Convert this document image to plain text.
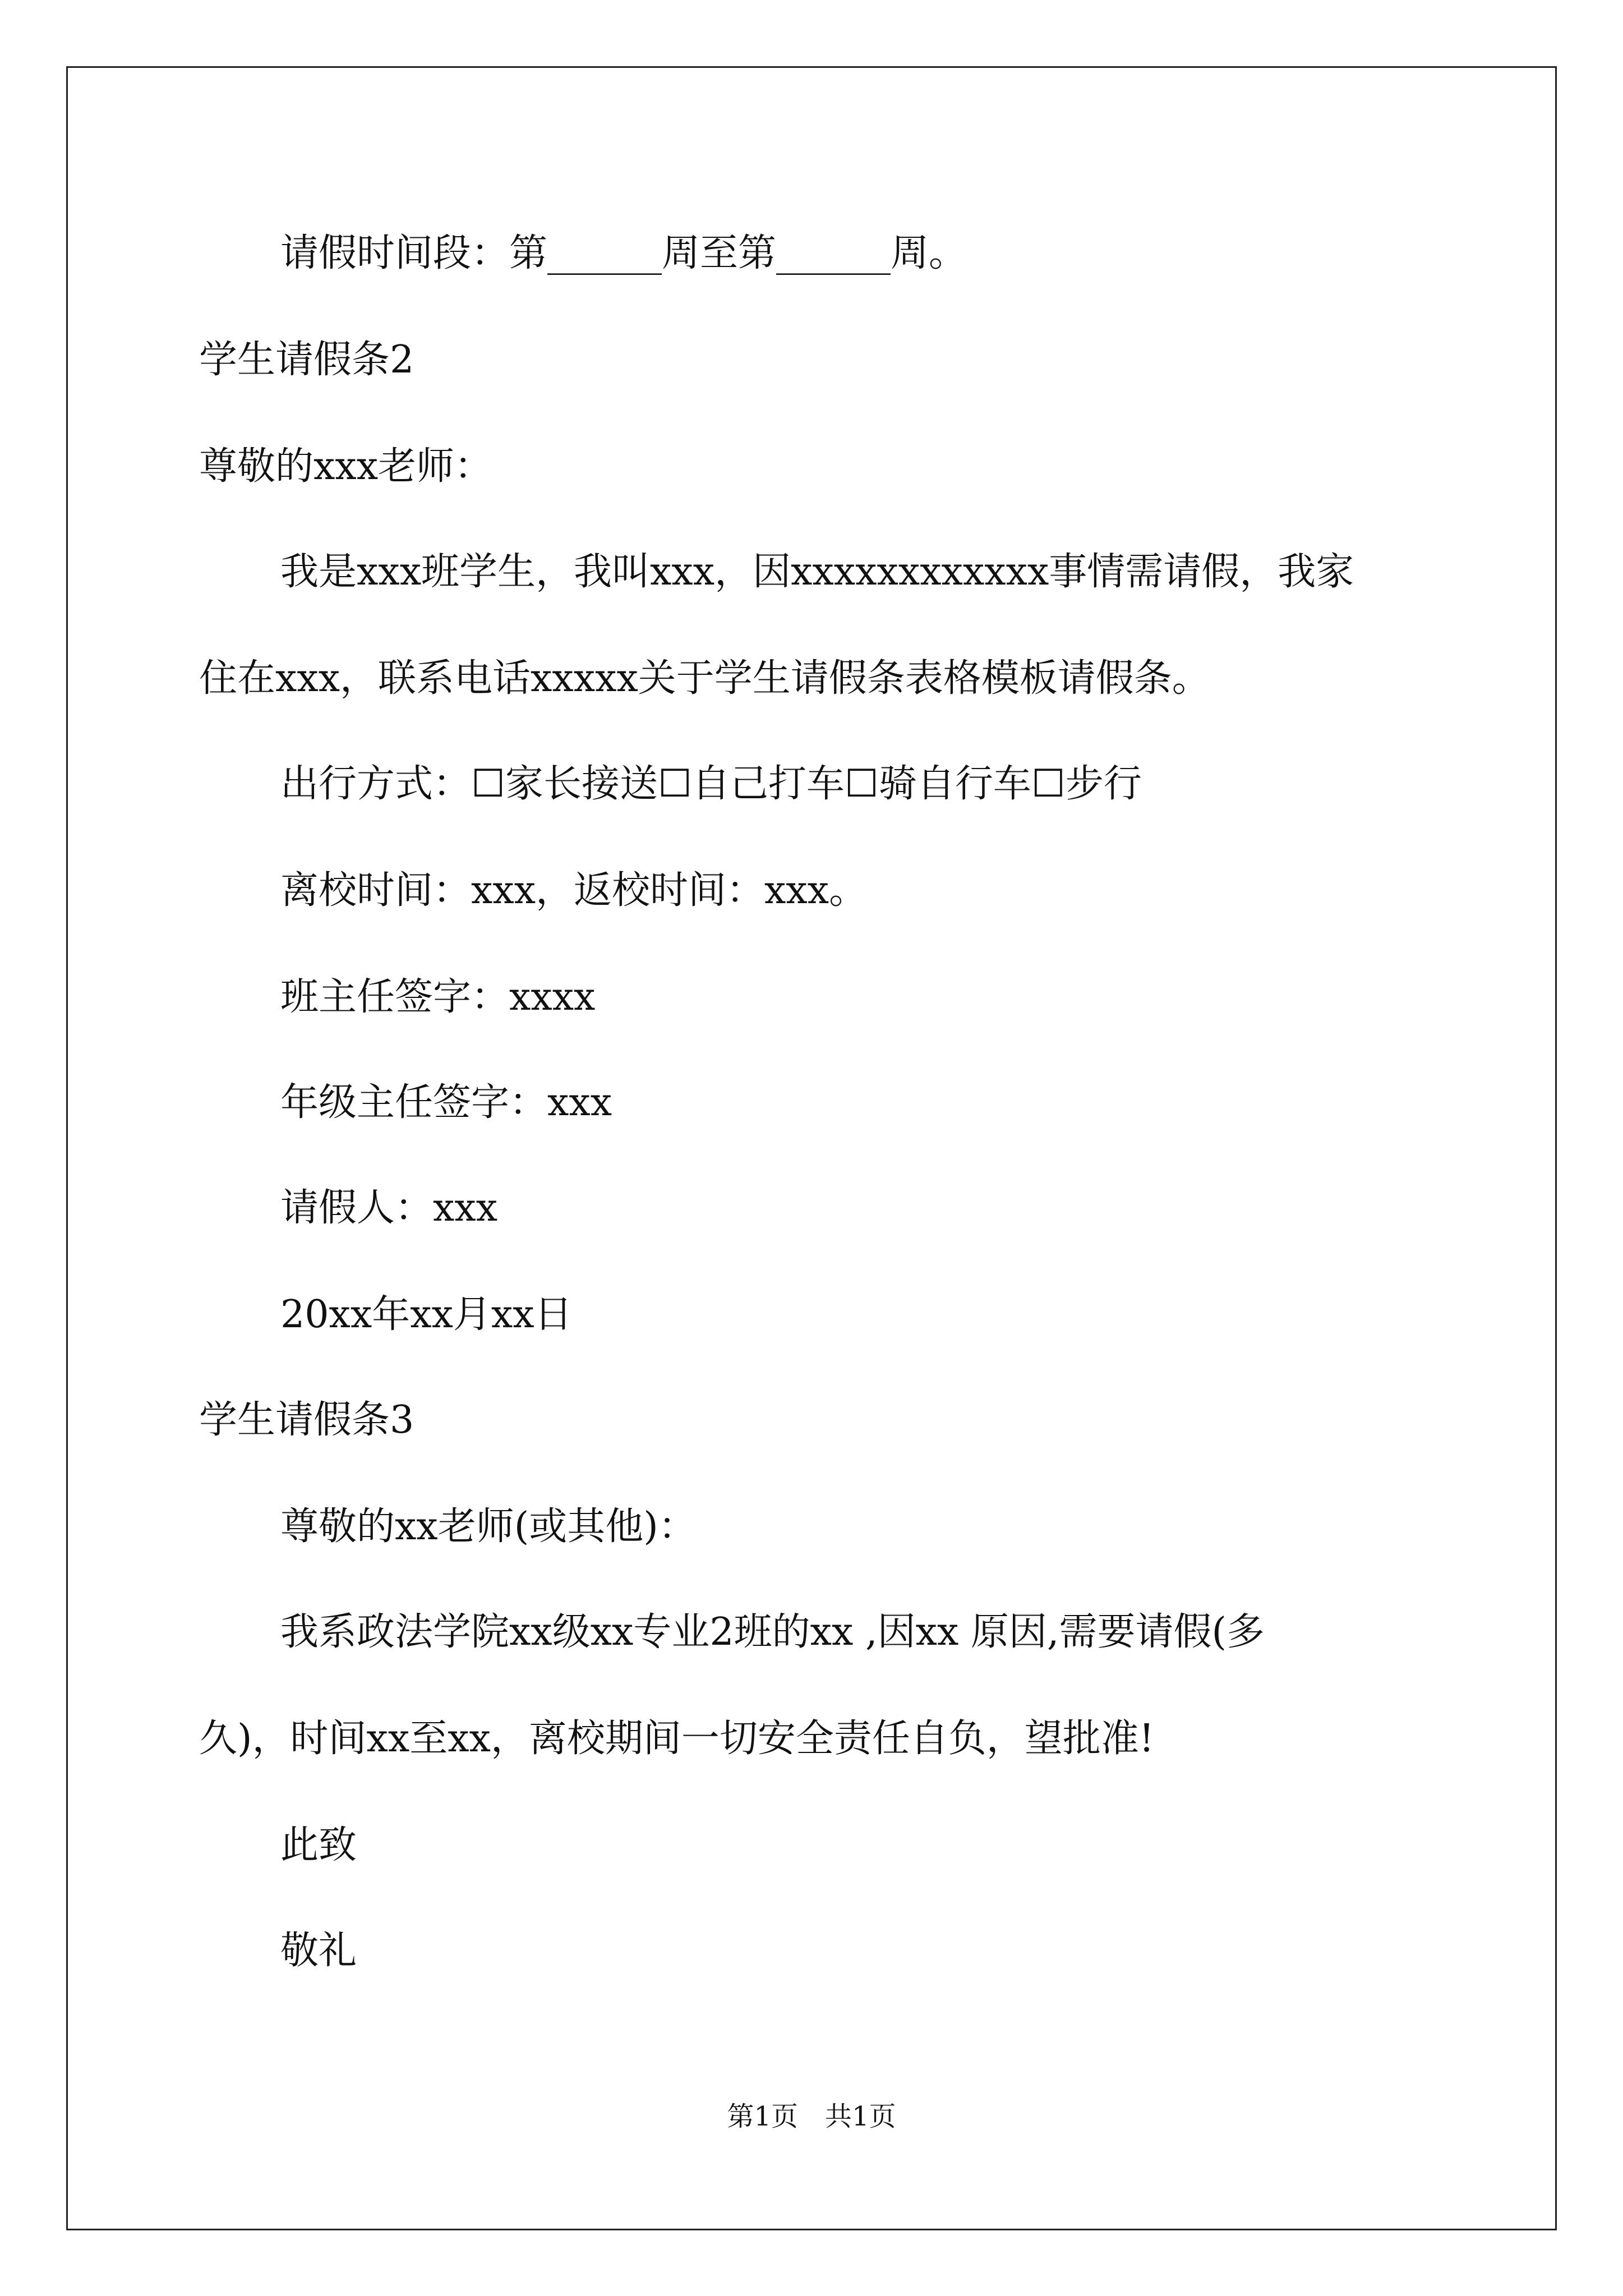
请假时间段：第______周至第______周。

学生请假条2

尊敬的xxx老师：

我是xxx班学生，我叫xxx，因xxxxxxxxxxxx事情需请假，我家

住在xxx，联系电话xxxxx关于学生请假条表格模板请假条。

出行方式：☐家长接送☐自己打车☐骑自行车☐步行

离校时间：xxx，返校时间：xxx。

班主任签字：xxxx

年级主任签字：xxx

请假人：xxx

20xx年xx月xx日

学生请假条3

尊敬的xx老师(或其他)：

我系政法学院xx级xx专业2班的xx ,因xx 原因,需要请假(多

久)，时间xx至xx，离校期间一切安全责任自负，望批准!

此致

敬礼

第1页　共1页
